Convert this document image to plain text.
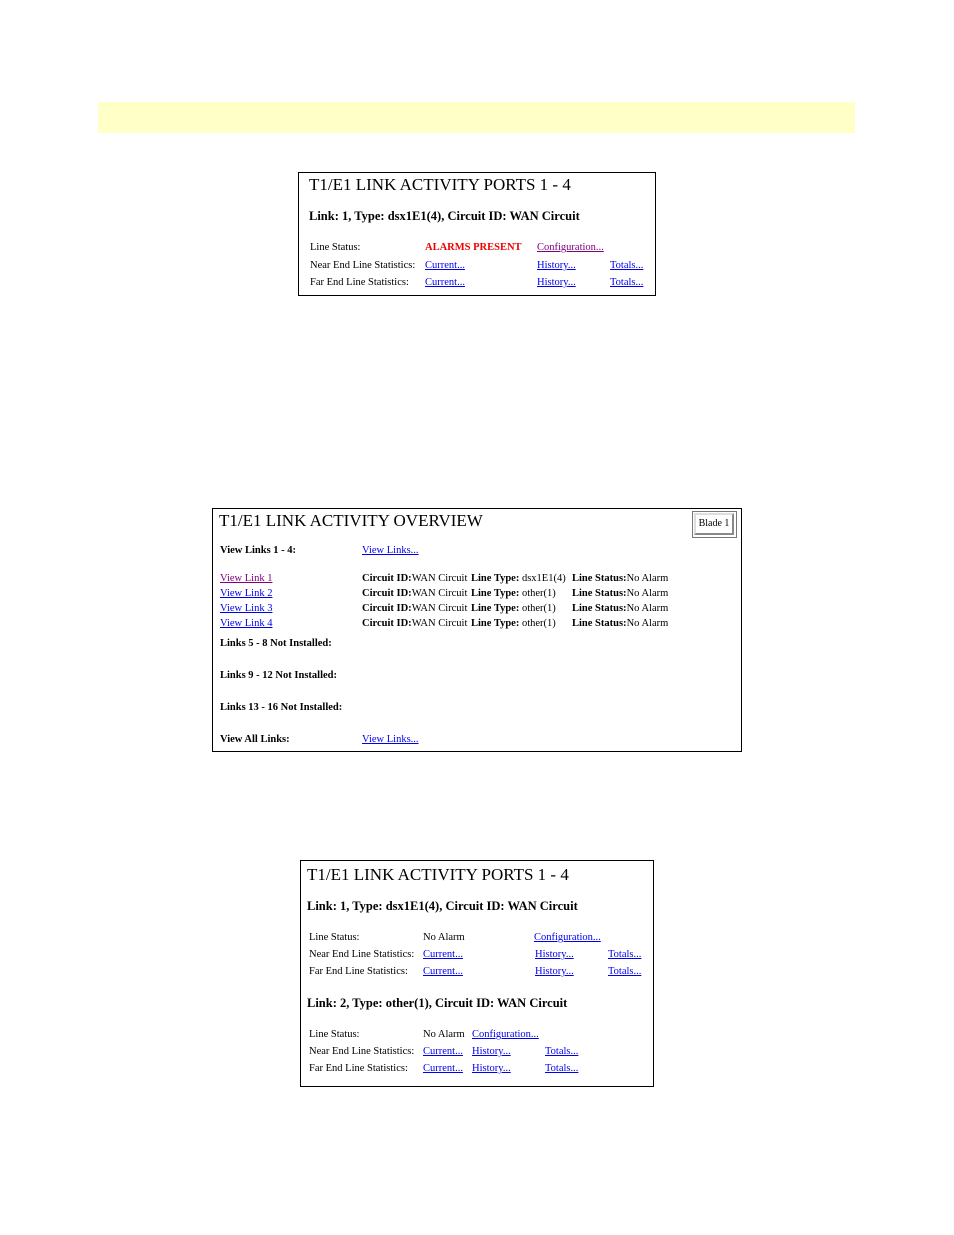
T1/E1 LINK ACTIVITY PORTS 1 - 4
Link: 1, Type: dsx1E1(4), Circuit ID: WAN Circuit
Line Status:	ALARMS PRESENT Configuration...
Near End Line Statistics: Current...	History...	Totals...
Far End Line Statistics: Current...	History...	Totals...
T1/E1 LINK ACTIVITY OVERVIEW	Blade 1
View Links 1 - 4:	View Links...
View Link 1	Circuit ID:WAN Circuit Line Type: dsx1E1(4) Line Status:No Alarm
View Link 2	Circuit ID:WAN Circuit Line Type: other(1) Line Status:No Alarm
View Link 3	Circuit ID:WAN Circuit Line Type: other(1) Line Status:No Alarm
View Link 4	Circuit ID:WAN Circuit Line Type: other(1) Line Status:No Alarm
Links 5 - 8 Not Installed:
Links 9 - 12 Not Installed:
Links 13 - 16 Not Installed:
View All Links:	View Links...
T1/E1 LINK ACTIVITY PORTS 1 - 4
Link: 1, Type: dsx1E1(4), Circuit ID: WAN Circuit
Line Status:	No Alarm	Configuration...
Near End Line Statistics: Current...	History...	Totals...
Far End Line Statistics: Current...	History...	Totals...
Link: 2, Type: other(1), Circuit ID: WAN Circuit
Line Status:	No Alarm Configuration...
Near End Line Statistics: Current... History...	Totals...
Far End Line Statistics: Current... History...	Totals...
